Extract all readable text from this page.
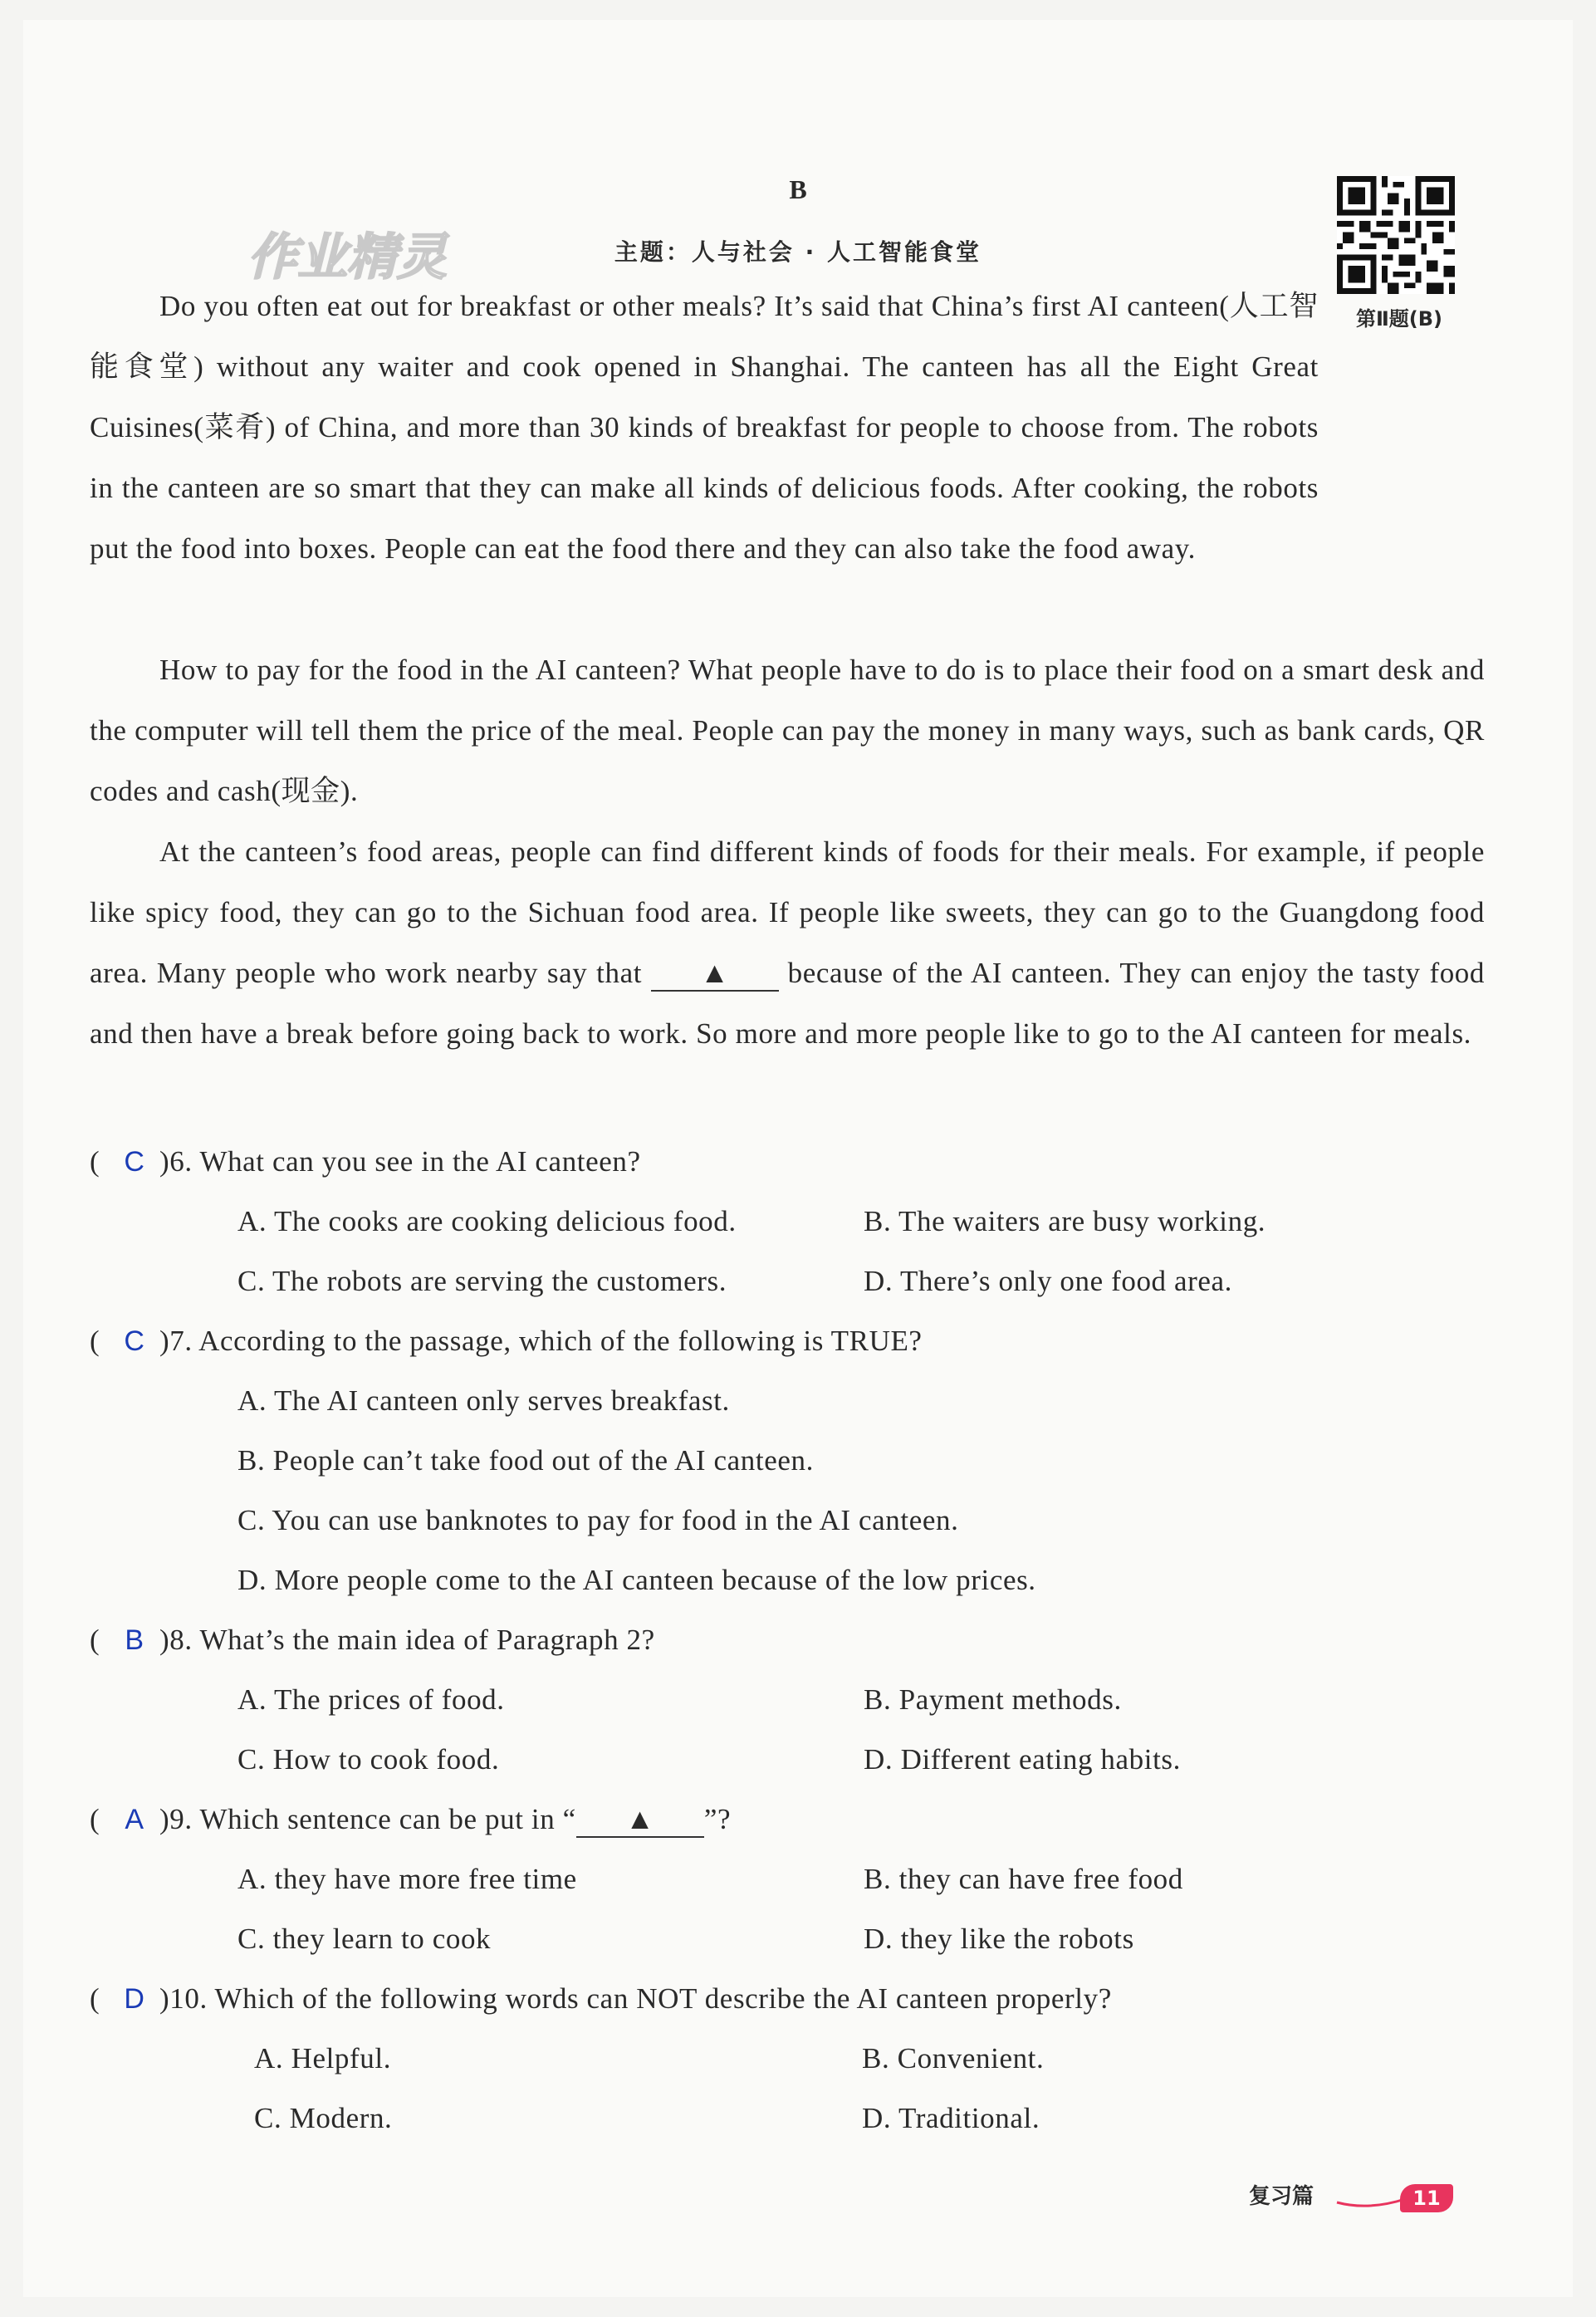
B
作业精灵	主题：人与社会 · 人工智能食堂
第Ⅱ题(B)

Do you often eat out for breakfast or other meals? It’s said that China’s first AI canteen(人工智能食堂) without any waiter and cook opened in Shanghai. The canteen has all the Eight Great Cuisines(菜肴) of China, and more than 30 kinds of breakfast for people to choose from. The robots in the canteen are so smart that they can make all kinds of delicious foods. After cooking, the robots put the food into boxes. People can eat the food there and they can also take the food away.

How to pay for the food in the AI canteen? What people have to do is to place their food on a smart desk and the computer will tell them the price of the meal. People can pay the money in many ways, such as bank cards, QR codes and cash(现金).

At the canteen’s food areas, people can find different kinds of foods for their meals. For example, if people like spicy food, they can go to the Sichuan food area. If people like sweets, they can go to the Guangdong food area. Many people who work nearby say that ▲ because of the AI canteen. They can enjoy the tasty food and then have a break before going back to work. So more and more people like to go to the AI canteen for meals.

( C )6. What can you see in the AI canteen?
A. The cooks are cooking delicious food.	B. The waiters are busy working.
C. The robots are serving the customers.	D. There’s only one food area.
( C )7. According to the passage, which of the following is TRUE?
A. The AI canteen only serves breakfast.
B. People can’t take food out of the AI canteen.
C. You can use banknotes to pay for food in the AI canteen.
D. More people come to the AI canteen because of the low prices.
( B )8. What’s the main idea of Paragraph 2?
A. The prices of food.	B. Payment methods.
C. How to cook food.	D. Different eating habits.
( A )9. Which sentence can be put in “ ▲ ”?
A. they have more free time	B. they can have free food
C. they learn to cook	D. they like the robots
( D )10. Which of the following words can NOT describe the AI canteen properly?
A. Helpful.	B. Convenient.
C. Modern.	D. Traditional.
复习篇	11
